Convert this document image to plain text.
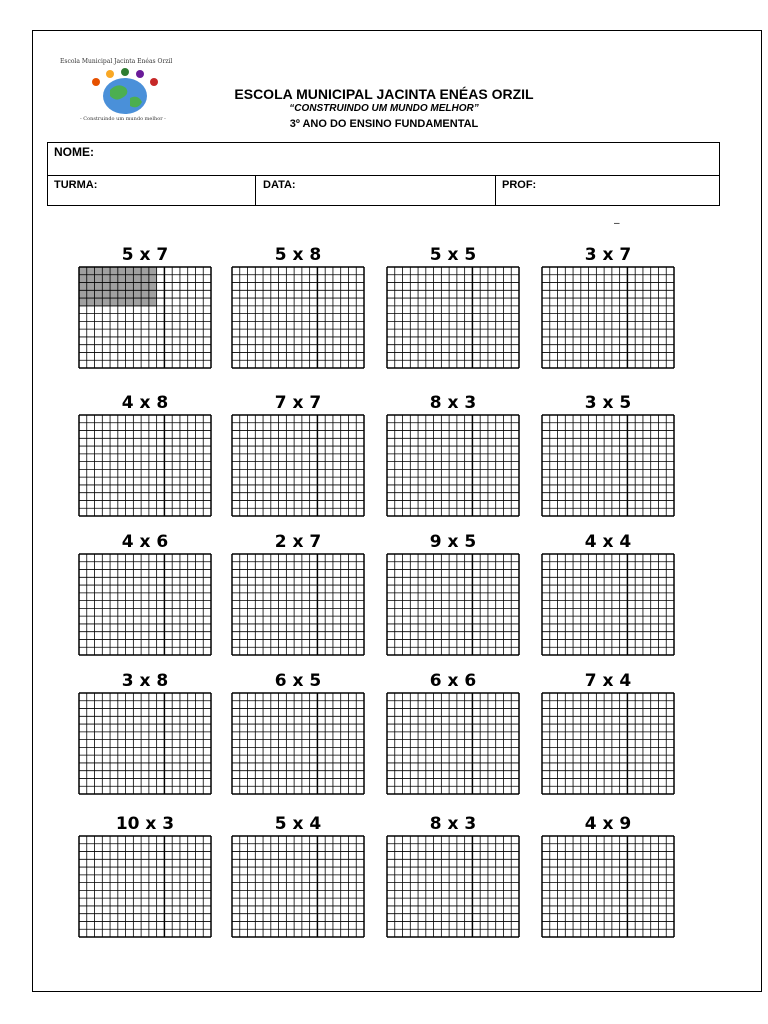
Escola Municipal Jacinta Enéas Orzil
- Construindo um mundo melhor -
ESCOLA MUNICIPAL JACINTA ENÉAS ORZIL
“CONSTRUINDO UM MUNDO MELHOR”
3º ANO DO ENSINO FUNDAMENTAL
NOME:
TURMA:	DATA:	PROF:
–
5 x 7	5 x 8	5 x 5	3 x 7
4 x 8	7 x 7	8 x 3	3 x 5
4 x 6	2 x 7	9 x 5	4 x 4
3 x 8	6 x 5	6 x 6	7 x 4
10 x 3	5 x 4	8 x 3	4 x 9
